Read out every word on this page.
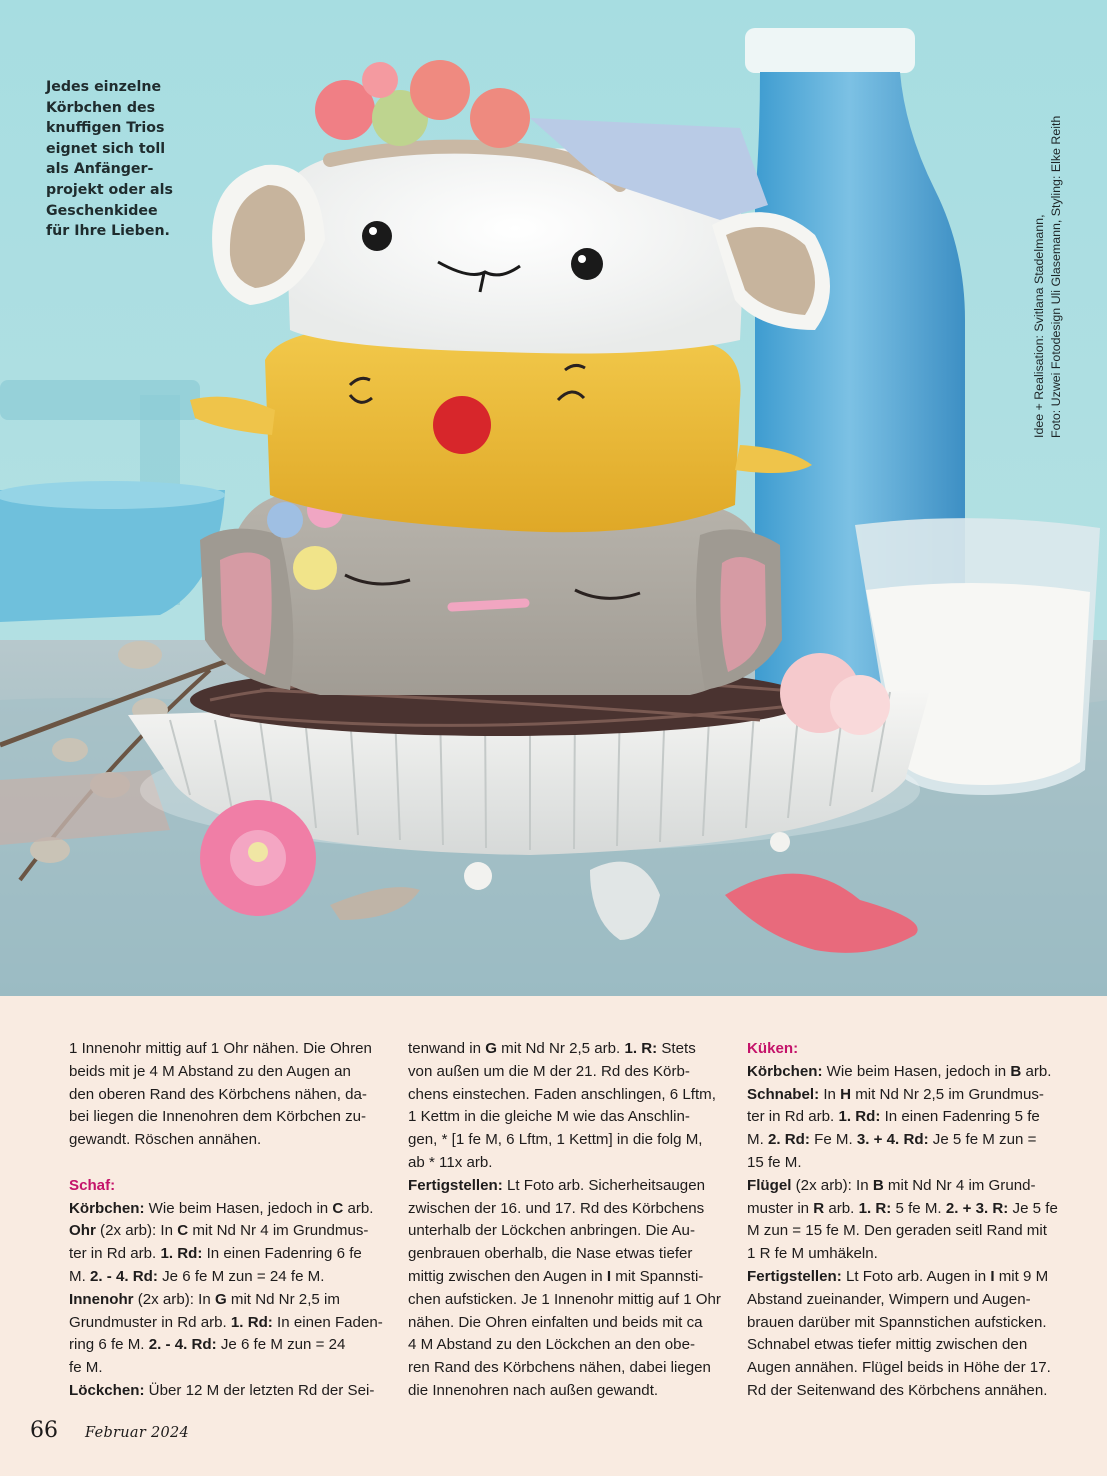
Jedes einzelne
Körbchen des
knuffigen Trios
eignet sich toll
als Anfänger-
projekt oder als
Geschenkidee
für Ihre Lieben.	Idee + Realisation: Svitlana Stadelmann, Foto: Uzwei Fotodesign Uli Glasemann, Styling: Elke Reith
1 Innenohr mittig auf 1 Ohr nähen. Die Ohren
beids mit je 4 M Abstand zu den Augen an
den oberen Rand des Körbchens nähen, da-
bei liegen die Innenohren dem Körbchen zu-
gewandt. Röschen annähen.
Schaf:
Körbchen: Wie beim Hasen, jedoch in C arb.
Ohr (2x arb): In C mit Nd Nr 4 im Grundmus-
ter in Rd arb. 1. Rd: In einen Fadenring 6 fe
M. 2. - 4. Rd: Je 6 fe M zun = 24 fe M.
Innenohr (2x arb): In G mit Nd Nr 2,5 im
Grundmuster in Rd arb. 1. Rd: In einen Faden-
ring 6 fe M. 2. - 4. Rd: Je 6 fe M zun = 24
fe M.
Löckchen: Über 12 M der letzten Rd der Sei-
tenwand in G mit Nd Nr 2,5 arb. 1. R: Stets
von außen um die M der 21. Rd des Körb-
chens einstechen. Faden anschlingen, 6 Lftm,
1 Kettm in die gleiche M wie das Anschlin-
gen, * [1 fe M, 6 Lftm, 1 Kettm] in die folg M,
ab * 11x arb.
Fertigstellen: Lt Foto arb. Sicherheitsaugen
zwischen der 16. und 17. Rd des Körbchens
unterhalb der Löckchen anbringen. Die Au-
genbrauen oberhalb, die Nase etwas tiefer
mittig zwischen den Augen in I mit Spannsti-
chen aufsticken. Je 1 Innenohr mittig auf 1 Ohr
nähen. Die Ohren einfalten und beids mit ca
4 M Abstand zu den Löckchen an den obe-
ren Rand des Körbchens nähen, dabei liegen
die Innenohren nach außen gewandt.
Küken:
Körbchen: Wie beim Hasen, jedoch in B arb.
Schnabel: In H mit Nd Nr 2,5 im Grundmus-
ter in Rd arb. 1. Rd: In einen Fadenring 5 fe
M. 2. Rd: Fe M. 3. + 4. Rd: Je 5 fe M zun =
15 fe M.
Flügel (2x arb): In B mit Nd Nr 4 im Grund-
muster in R arb. 1. R: 5 fe M. 2. + 3. R: Je 5 fe
M zun = 15 fe M. Den geraden seitl Rand mit
1 R fe M umhäkeln.
Fertigstellen: Lt Foto arb. Augen in I mit 9 M
Abstand zueinander, Wimpern und Augen-
brauen darüber mit Spannstichen aufsticken.
Schnabel etwas tiefer mittig zwischen den
Augen annähen. Flügel beids in Höhe der 17.
Rd der Seitenwand des Körbchens annähen.
66 Februar 2024
